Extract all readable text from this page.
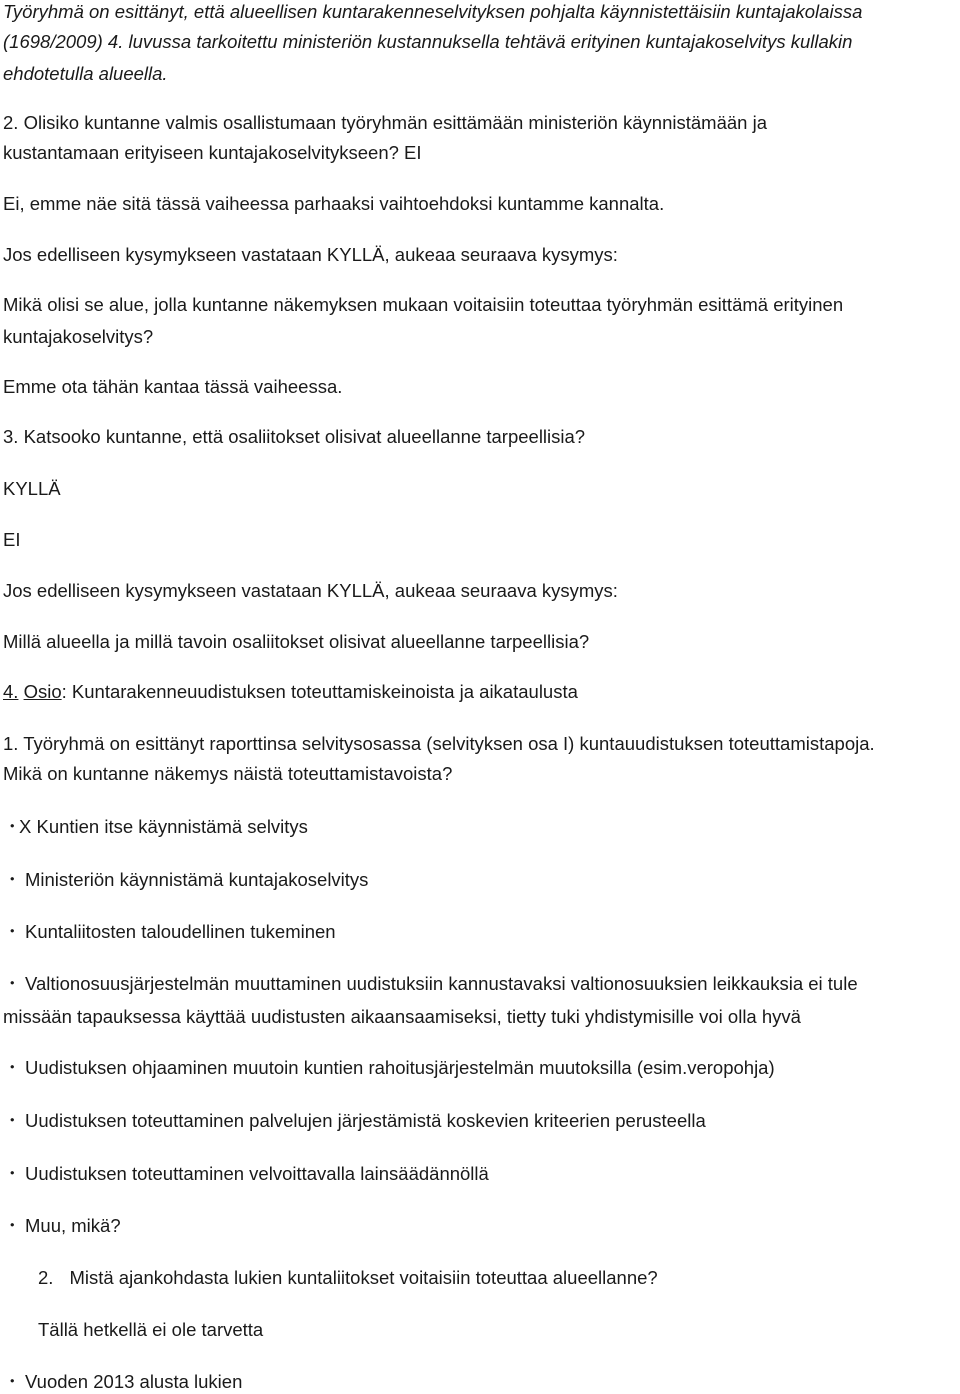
Työryhmä on esittänyt, että alueellisen kuntarakenneselvityksen pohjalta käynnistettäisiin kuntajakolaissa
(1698/2009) 4. luvussa tarkoitettu ministeriön kustannuksella tehtävä erityinen kuntajakoselvitys kullakin
ehdotetulla alueella.
2. Olisiko kuntanne valmis osallistumaan työryhmän esittämään ministeriön käynnistämään ja
kustantamaan erityiseen kuntajakoselvitykseen? EI
Ei, emme näe sitä tässä vaiheessa parhaaksi vaihtoehdoksi kuntamme kannalta.
Jos edelliseen kysymykseen vastataan KYLLÄ, aukeaa seuraava kysymys:
Mikä olisi se alue, jolla kuntanne näkemyksen mukaan voitaisiin toteuttaa työryhmän esittämä erityinen
kuntajakoselvitys?
Emme ota tähän kantaa tässä vaiheessa.
3. Katsooko kuntanne, että osaliitokset olisivat alueellanne tarpeellisia?
KYLLÄ
EI
Jos edelliseen kysymykseen vastataan KYLLÄ, aukeaa seuraava kysymys:
Millä alueella ja millä tavoin osaliitokset olisivat alueellanne tarpeellisia?
4. Osio: Kuntarakenneuudistuksen toteuttamiskeinoista ja aikataulusta
1. Työryhmä on esittänyt raporttinsa selvitysosassa (selvityksen osa I) kuntauudistuksen toteuttamistapoja.
Mikä on kuntanne näkemys näistä toteuttamistavoista?
・X Kuntien itse käynnistämä selvitys
・ Ministeriön käynnistämä kuntajakoselvitys
・ Kuntaliitosten taloudellinen tukeminen
・ Valtionosuusjärjestelmän muuttaminen uudistuksiin kannustavaksi valtionosuuksien leikkauksia ei tule
missään tapauksessa käyttää uudistusten aikaansaamiseksi, tietty tuki yhdistymisille voi olla hyvä
・ Uudistuksen ohjaaminen muutoin kuntien rahoitusjärjestelmän muutoksilla (esim.veropohja)
・ Uudistuksen toteuttaminen palvelujen järjestämistä koskevien kriteerien perusteella
・ Uudistuksen toteuttaminen velvoittavalla lainsäädännöllä
・ Muu, mikä?
2. Mistä ajankohdasta lukien kuntaliitokset voitaisiin toteuttaa alueellanne?
Tällä hetkellä ei ole tarvetta
・ Vuoden 2013 alusta lukien
